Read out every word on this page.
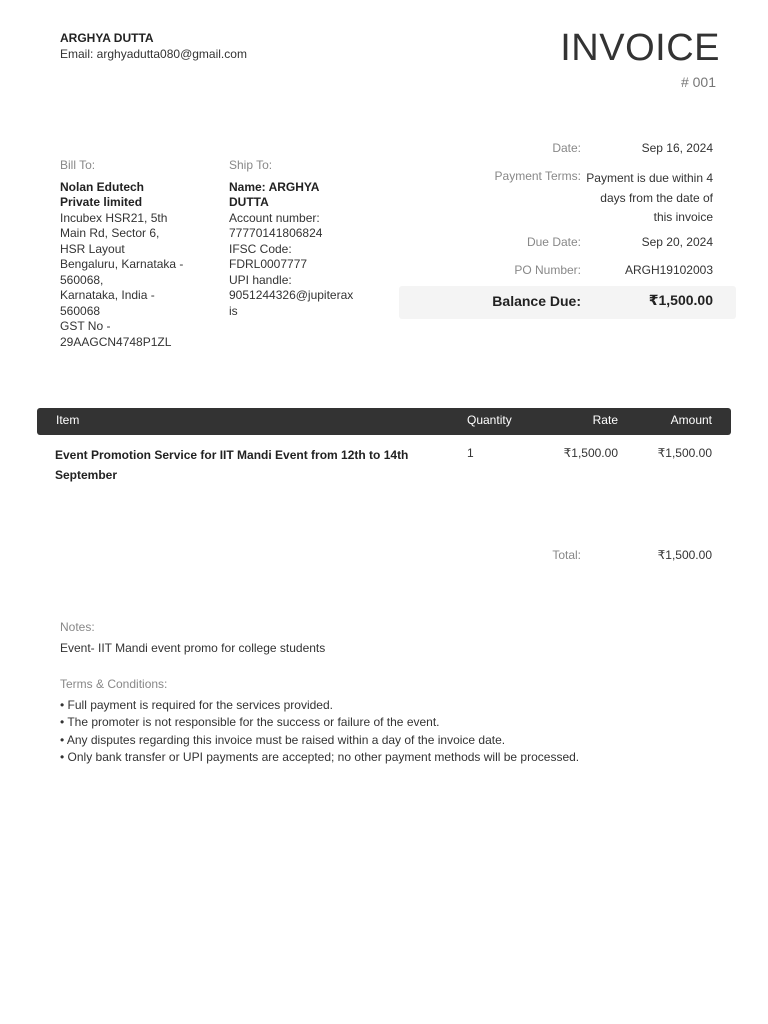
ARGHYA DUTTA
Email: arghyadutta080@gmail.com	INVOICE
# 001
Bill To:
Nolan Edutech
Private limited
Incubex HSR21, 5th
Main Rd, Sector 6,
HSR Layout
Bengaluru, Karnataka -
560068,
Karnataka, India -
560068
GST No -
29AAGCN4748P1ZL
Ship To:
Name: ARGHYA
DUTTA
Account number:
77770141806824
IFSC Code:
FDRL0007777
UPI handle:
9051244326@jupiterax
is
Date:	Sep 16, 2024
Payment Terms: Payment is due within 4
days from the date of
this invoice
Due Date:	Sep 20, 2024
PO Number:	ARGH19102003
Balance Due:	₹1,500.00
Item	Quantity	Rate	Amount
Event Promotion Service for IIT Mandi Event from 12th to 14th
September
1	₹1,500.00	₹1,500.00
Total:	₹1,500.00
Notes:
Event- IIT Mandi event promo for college students
Terms & Conditions:
• Full payment is required for the services provided.
• The promoter is not responsible for the success or failure of the event.
• Any disputes regarding this invoice must be raised within a day of the invoice date.
• Only bank transfer or UPI payments are accepted; no other payment methods will be processed.
